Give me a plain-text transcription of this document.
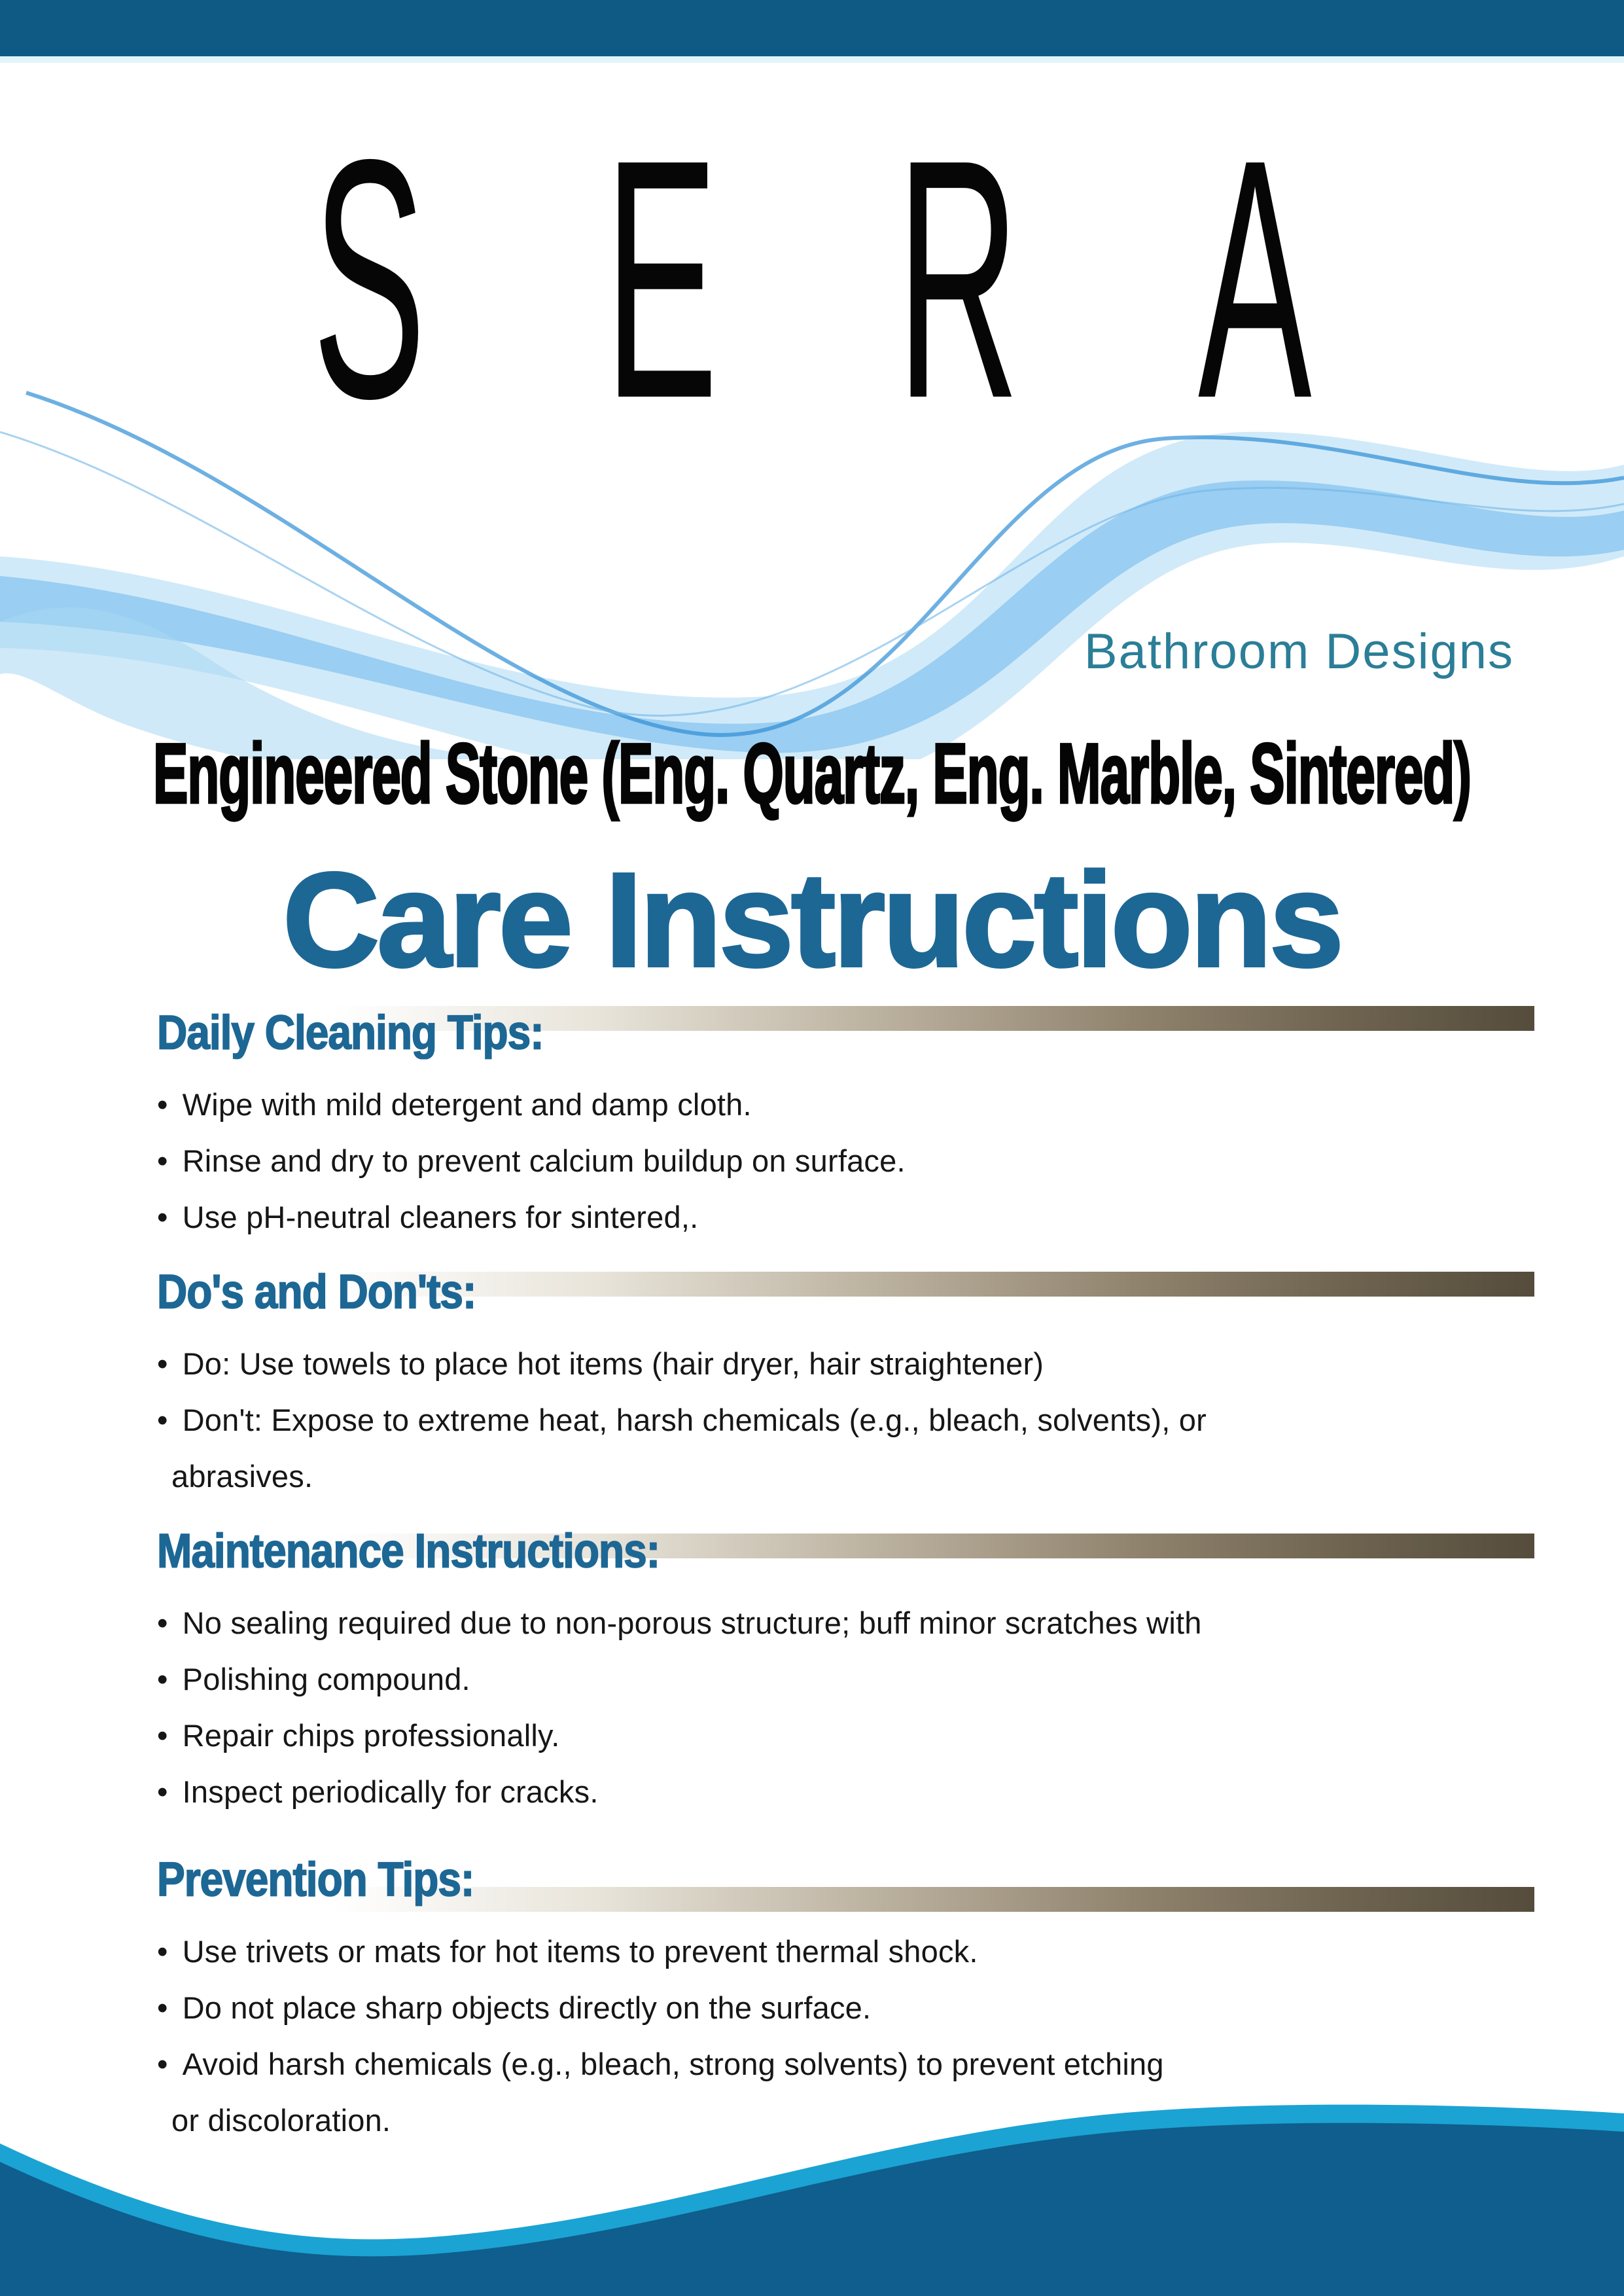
SERA
Bathroom Designs
Engineered Stone (Eng. Quartz, Eng. Marble, Sintered)
Care Instructions
Daily Cleaning Tips:
• Wipe with mild detergent and damp cloth.
• Rinse and dry to prevent calcium buildup on surface.
• Use pH-neutral cleaners for sintered,.
Do's and Don'ts:
• Do: Use towels to place hot items (hair dryer, hair straightener)
• Don't: Expose to extreme heat, harsh chemicals (e.g., bleach, solvents), or
abrasives.
Maintenance Instructions:
• No sealing required due to non-porous structure; buff minor scratches with
• Polishing compound.
• Repair chips professionally.
• Inspect periodically for cracks.
Prevention Tips:
• Use trivets or mats for hot items to prevent thermal shock.
• Do not place sharp objects directly on the surface.
• Avoid harsh chemicals (e.g., bleach, strong solvents) to prevent etching
or discoloration.
